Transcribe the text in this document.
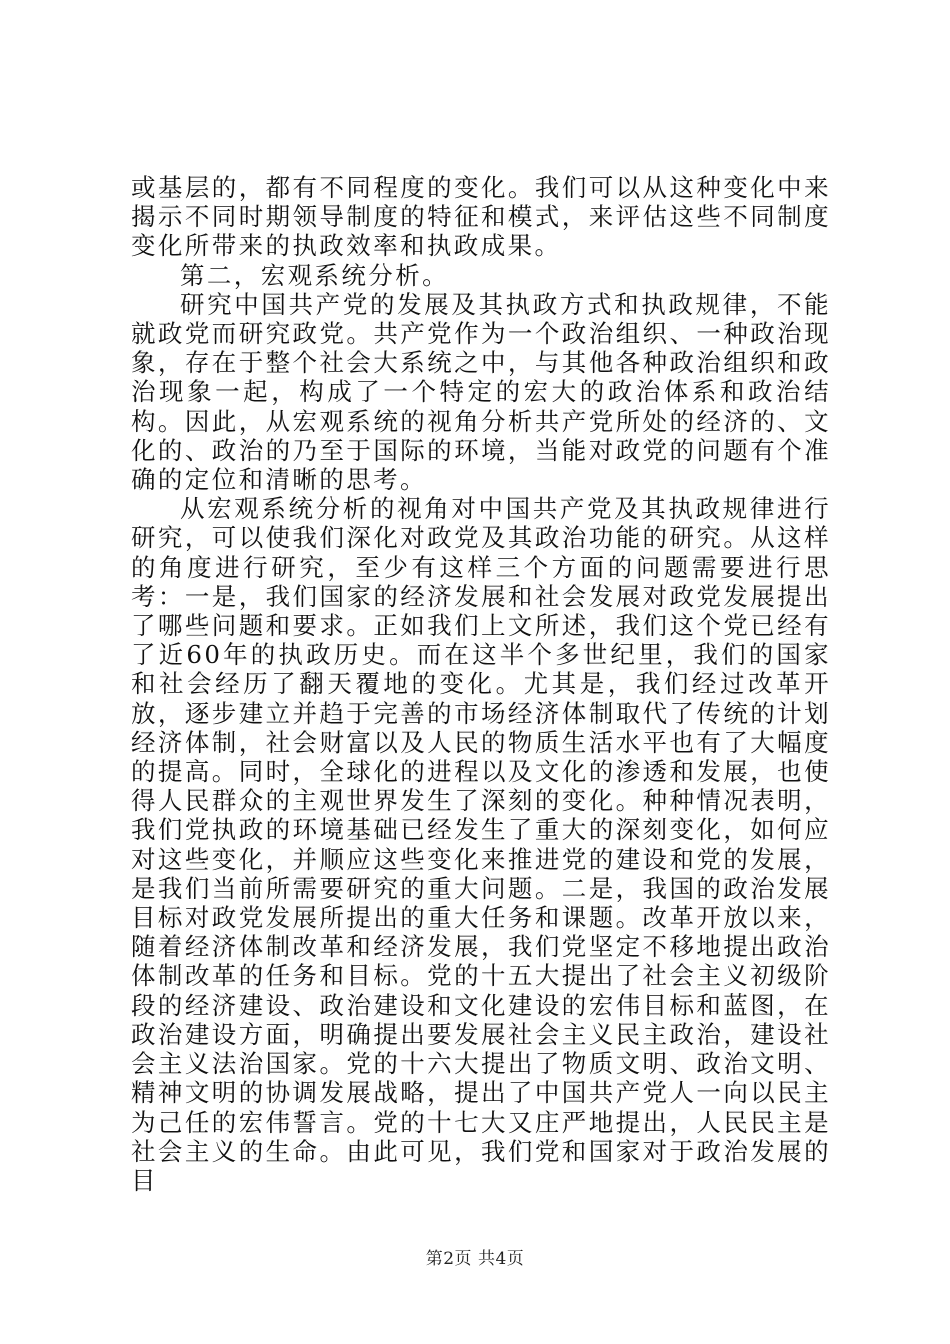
或基层的，都有不同程度的变化。我们可以从这种变化中来揭示不同时期领导制度的特征和模式，来评估这些不同制度变化所带来的执政效率和执政成果。

第二，宏观系统分析。

研究中国共产党的发展及其执政方式和执政规律，不能就政党而研究政党。共产党作为一个政治组织、一种政治现象，存在于整个社会大系统之中，与其他各种政治组织和政治现象一起，构成了一个特定的宏大的政治体系和政治结构。因此，从宏观系统的视角分析共产党所处的经济的、文化的、政治的乃至于国际的环境，当能对政党的问题有个准确的定位和清晰的思考。

从宏观系统分析的视角对中国共产党及其执政规律进行研究，可以使我们深化对政党及其政治功能的研究。从这样的角度进行研究，至少有这样三个方面的问题需要进行思考：一是，我们国家的经济发展和社会发展对政党发展提出了哪些问题和要求。正如我们上文所述，我们这个党已经有了近60年的执政历史。而在这半个多世纪里，我们的国家和社会经历了翻天覆地的变化。尤其是，我们经过改革开放，逐步建立并趋于完善的市场经济体制取代了传统的计划经济体制，社会财富以及人民的物质生活水平也有了大幅度的提高。同时，全球化的进程以及文化的渗透和发展，也使得人民群众的主观世界发生了深刻的变化。种种情况表明，我们党执政的环境基础已经发生了重大的深刻变化，如何应对这些变化，并顺应这些变化来推进党的建设和党的发展，是我们当前所需要研究的重大问题。二是，我国的政治发展目标对政党发展所提出的重大任务和课题。改革开放以来，随着经济体制改革和经济发展，我们党坚定不移地提出政治体制改革的任务和目标。党的十五大提出了社会主义初级阶段的经济建设、政治建设和文化建设的宏伟目标和蓝图，在政治建设方面，明确提出要发展社会主义民主政治，建设社会主义法治国家。党的十六大提出了物质文明、政治文明、精神文明的协调发展战略，提出了中国共产党人一向以民主为己任的宏伟誓言。党的十七大又庄严地提出，人民民主是社会主义的生命。由此可见，我们党和国家对于政治发展的目

第2页 共4页
